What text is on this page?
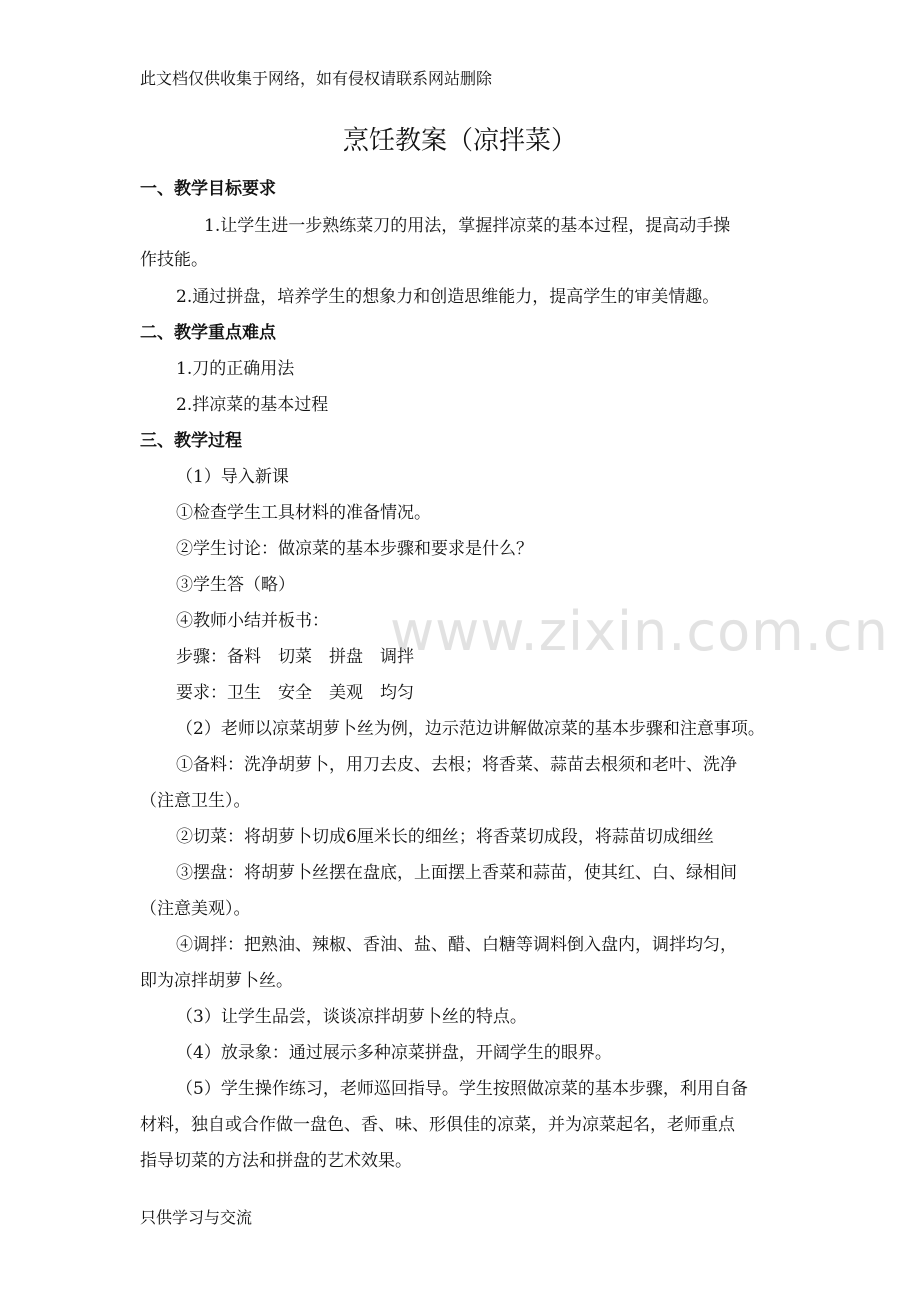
此文档仅供收集于网络，如有侵权请联系网站删除
烹饪教案（凉拌菜）
www.zixin.com.cn
一、教学目标要求
1.让学生进一步熟练菜刀的用法，掌握拌凉菜的基本过程，提高动手操
作技能。
2.通过拼盘，培养学生的想象力和创造思维能力，提高学生的审美情趣。
二、教学重点难点
1.刀的正确用法
2.拌凉菜的基本过程
三、教学过程
（1）导入新课
①检查学生工具材料的准备情况。
②学生讨论：做凉菜的基本步骤和要求是什么？
③学生答（略）
④教师小结并板书：
步骤：备料　切菜　拼盘　调拌
要求：卫生　安全　美观　均匀
（2）老师以凉菜胡萝卜丝为例，边示范边讲解做凉菜的基本步骤和注意事项。
①备料：洗净胡萝卜，用刀去皮、去根；将香菜、蒜苗去根须和老叶、洗净
（注意卫生）。
②切菜：将胡萝卜切成6厘米长的细丝；将香菜切成段，将蒜苗切成细丝
③摆盘：将胡萝卜丝摆在盘底，上面摆上香菜和蒜苗，使其红、白、绿相间
（注意美观）。
④调拌：把熟油、辣椒、香油、盐、醋、白糖等调料倒入盘内，调拌均匀，
即为凉拌胡萝卜丝。
（3）让学生品尝，谈谈凉拌胡萝卜丝的特点。
（4）放录象：通过展示多种凉菜拼盘，开阔学生的眼界。
（5）学生操作练习，老师巡回指导。学生按照做凉菜的基本步骤，利用自备
材料，独自或合作做一盘色、香、味、形俱佳的凉菜，并为凉菜起名，老师重点
指导切菜的方法和拼盘的艺术效果。
只供学习与交流
